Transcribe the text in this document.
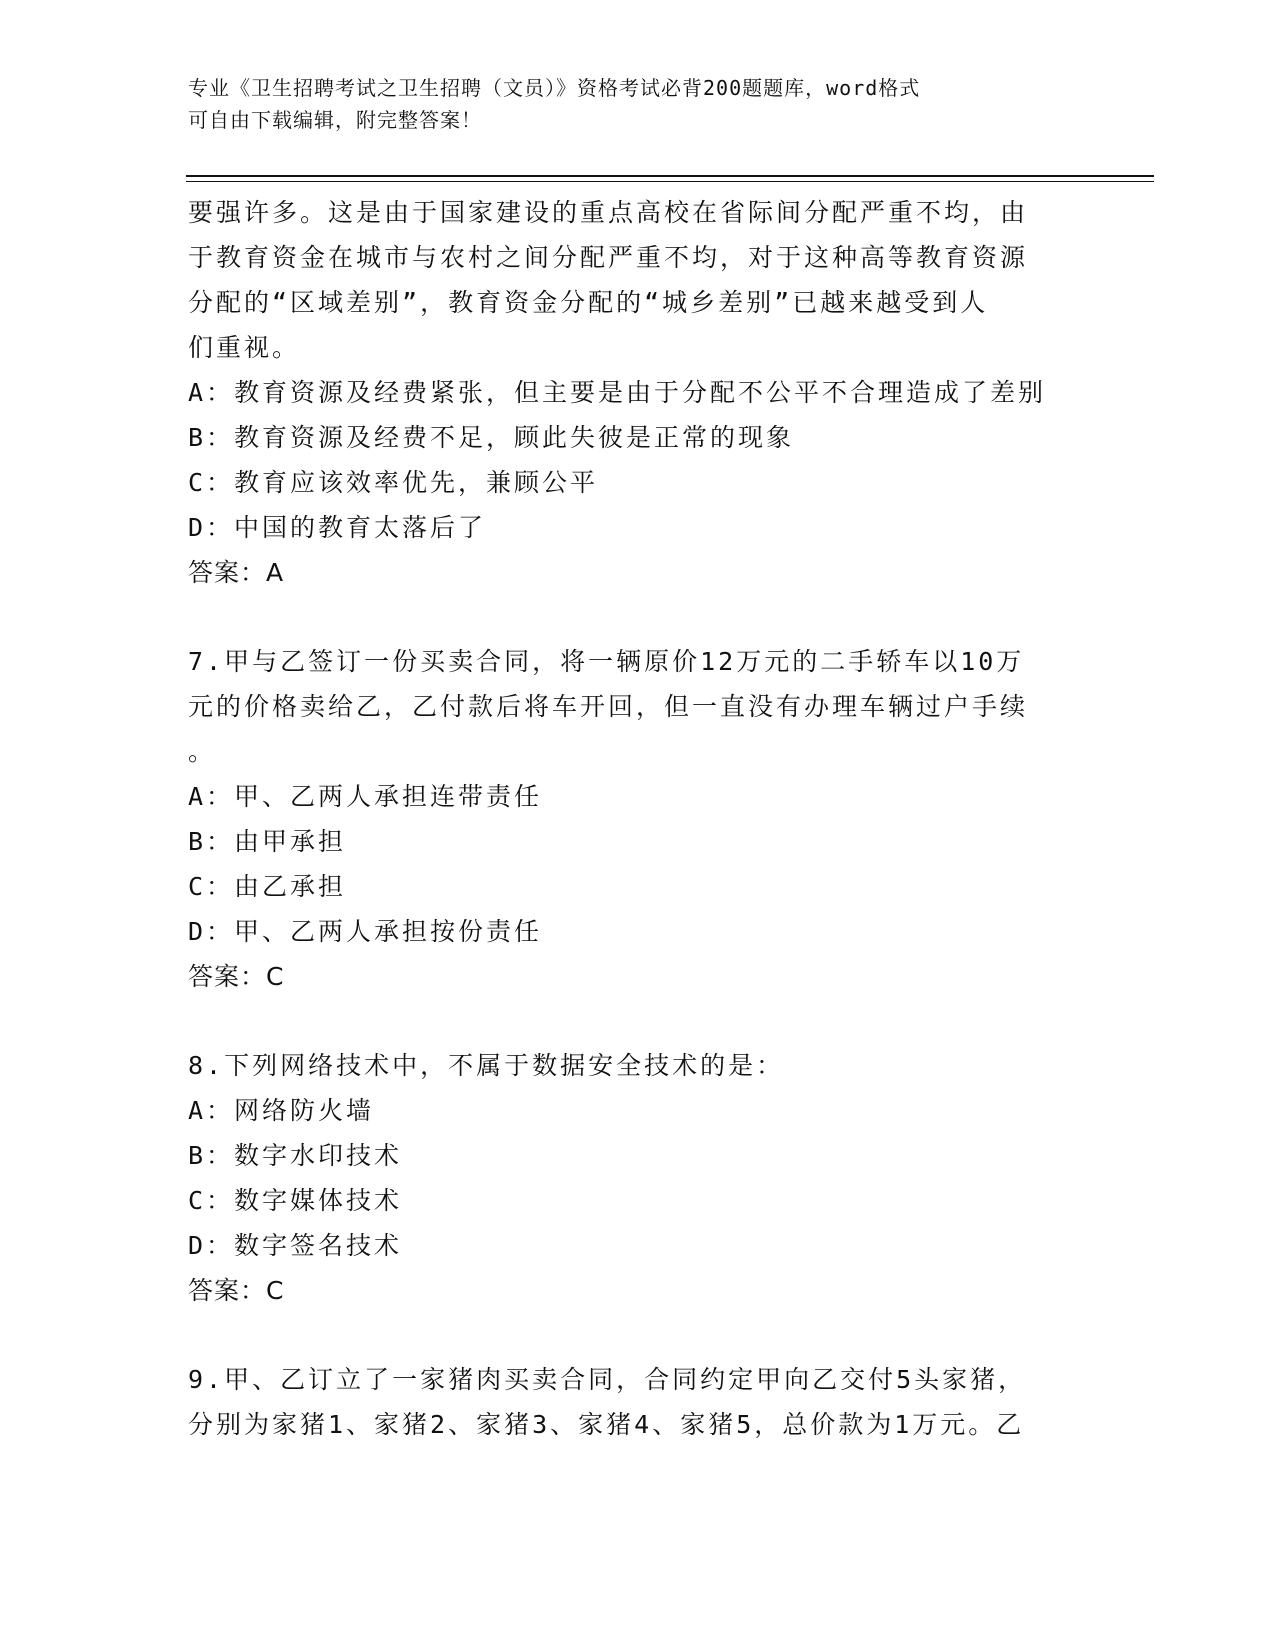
专业《卫生招聘考试之卫生招聘（文员）》资格考试必背200题题库，word格式
可自由下载编辑，附完整答案！
要强许多。这是由于国家建设的重点高校在省际间分配严重不均，由
于教育资金在城市与农村之间分配严重不均，对于这种高等教育资源
分配的“区域差别”，教育资金分配的“城乡差别”已越来越受到人
们重视。
A：教育资源及经费紧张，但主要是由于分配不公平不合理造成了差别
B：教育资源及经费不足，顾此失彼是正常的现象
C：教育应该效率优先，兼顾公平
D：中国的教育太落后了
答案：A
7.甲与乙签订一份买卖合同，将一辆原价12万元的二手轿车以10万
元的价格卖给乙，乙付款后将车开回，但一直没有办理车辆过户手续
。
A：甲、乙两人承担连带责任
B：由甲承担
C：由乙承担
D：甲、乙两人承担按份责任
答案：C
8.下列网络技术中，不属于数据安全技术的是：
A：网络防火墙
B：数字水印技术
C：数字媒体技术
D：数字签名技术
答案：C
9.甲、乙订立了一家猪肉买卖合同，合同约定甲向乙交付5头家猪，
分别为家猪1、家猪2、家猪3、家猪4、家猪5，总价款为1万元。乙
